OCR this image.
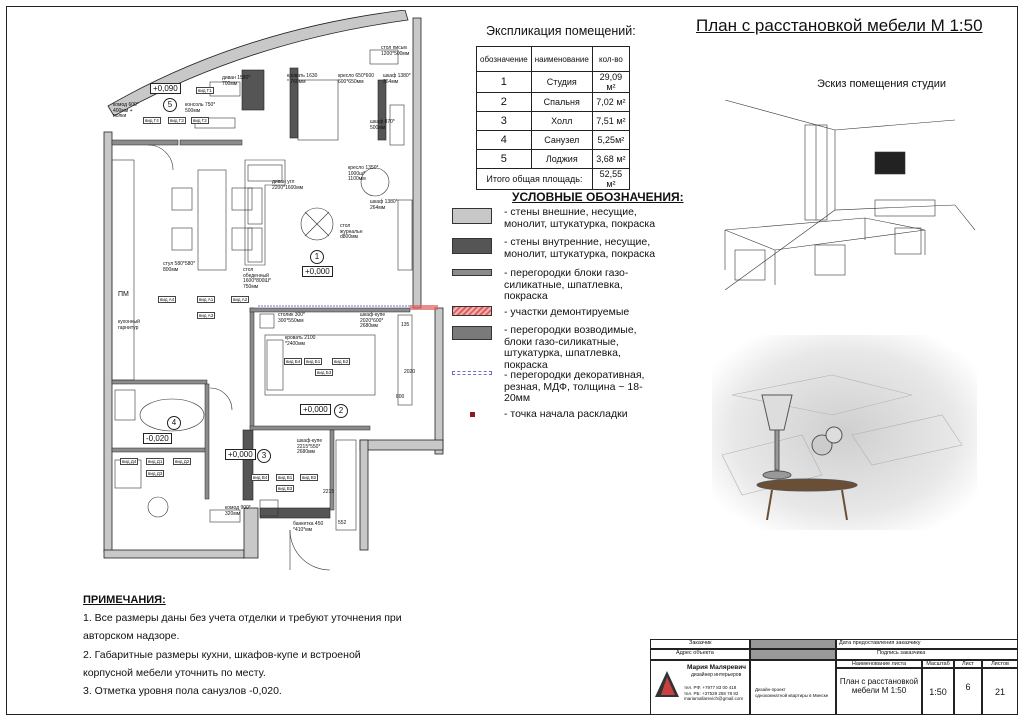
План с расстановкой мебели М 1:50
+0,090
+0,000
+0,000
-0,020
+0,000
5
1
2
4
3
диван 1580*
700мм
комод 600*
400мм +
полки
консоль 750*
500мм
кровать 1630
* 760мм
стол письм
1200*500мм
кресло 650*600
600*650мм
шкаф 1380*
264мм
шкаф 870*
500мм
кресло 1350*
1000ш*
1100мм
диван угл
2200*1600мм
стол
журнальн
d800мм
шкаф 1380*
264мм
стул 580*580*
800мм	стол
обеденный
1600*800Ш*
750мм
кухонный
гарнитур
столик 300*
300*550мм
шкаф-купе
2020*600*
2680мм
кровать 2100
*2400мм
шкаф-купе
2215*550*
2680мм
комод 900*
320мм
банкетка 450
*410*мм
вид Г1
вид Г4	вид Г3	вид Г2
вид А4	вид А1	вид А2
вид А3
вид Б4	вид Б1	вид Б2
вид Б3
вид Д4	вид Д1	вид Д2
вид Д3
вид В4	вид В1	вид В2
вид В3
ПМ
2020
800
552
2215
135
Экспликация помещений:
обозначение	наименование	кол-во
1	Студия	29,09 м²
2	Спальня	7,02 м²
3	Холл	7,51 м²
4	Санузел	5,25м²
5	Лоджия	3,68 м²
Итого общая площадь:		52,55 м²
УСЛОВНЫЕ ОБОЗНАЧЕНИЯ:
- стены внешние, несущие,
монолит, штукатурка, покраска
- стены внутренние, несущие,
монолит, штукатурка, покраска
- перегородки блоки газо-
силикатные, шпатлевка,
покраска
- участки демонтируемые
- перегородки возводимые,
блоки газо-силикатные,
штукатурка, шпатлевка,
покраска
- перегородки декоративная,
резная, МДФ, толщина ~ 18-
20мм
- точка начала раскладки
Эскиз помещения студии
ПРИМЕЧАНИЯ:
1. Все размеры даны без учета отделки и требуют уточнения при
авторском надзоре.
2. Габаритные размеры кухни, шкафов-купе и встроеной
корпусной мебели уточнить по месту.
3. Отметка уровня пола санузлов -0,020.
Заказчик	Дата предоставления заказчику
Адрес объекта	Подпись заказчика
Мария Маляревич
дизайнер интерьеров
тел. РФ: +7977 83 00 418
тел. РБ: +37529 258 78 82
mariamallarevich@gmail.com
Дизайн-проект
однокомнатной квартиры в Минске
Наименование листа
План с расстановкой
мебели М 1:50
Масштаб	Лист	Листов
1:50	6	21
